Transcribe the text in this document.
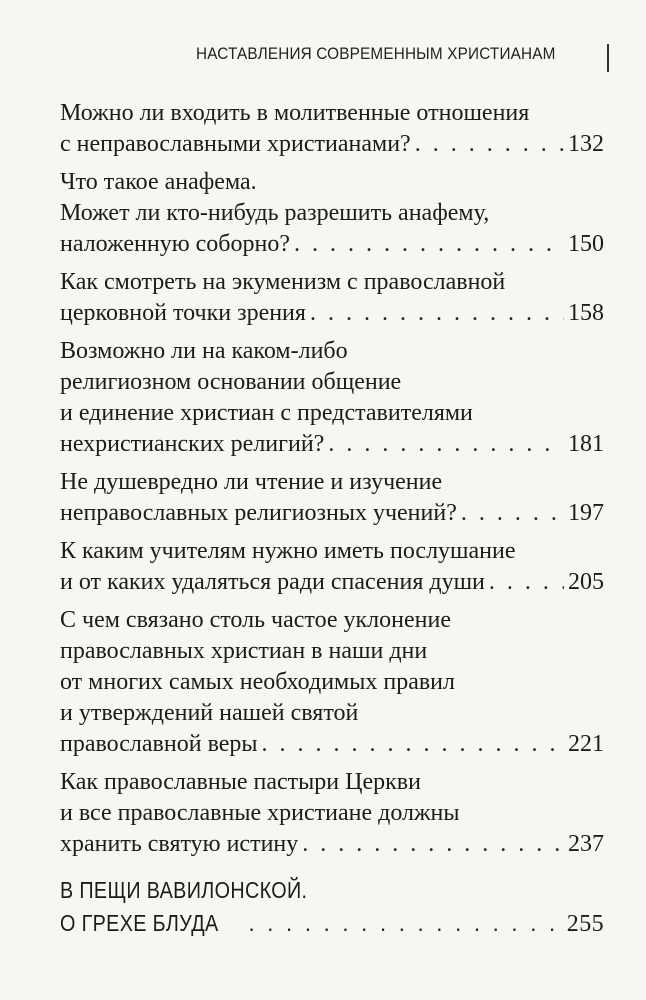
НАСТАВЛЕНИЯ СОВРЕМЕННЫМ ХРИСТИАНАМ
Можно ли входить в молитвенные отношения
с неправославными христианами? . . .	132
Что такое анафема.
Может ли кто-нибудь разрешить анафему,
наложенную соборно? . . .	150
Как смотреть на экуменизм с православной
церковной точки зрения . . .	158
Возможно ли на каком-либо
религиозном основании общение
и единение христиан с представителями
нехристианских религий? . . .	181
Не душевредно ли чтение и изучение
неправославных религиозных учений? . . .	197
К каким учителям нужно иметь послушание
и от каких удаляться ради спасения души . . .	205
С чем связано столь частое уклонение
православных христиан в наши дни
от многих самых необходимых правил
и утверждений нашей святой
православной веры . . .	221
Как православные пастыри Церкви
и все православные христиане должны
хранить святую истину . . .	237
В ПЕЩИ ВАВИЛОНСКОЙ.
О ГРЕХЕ БЛУДА . . .	255
